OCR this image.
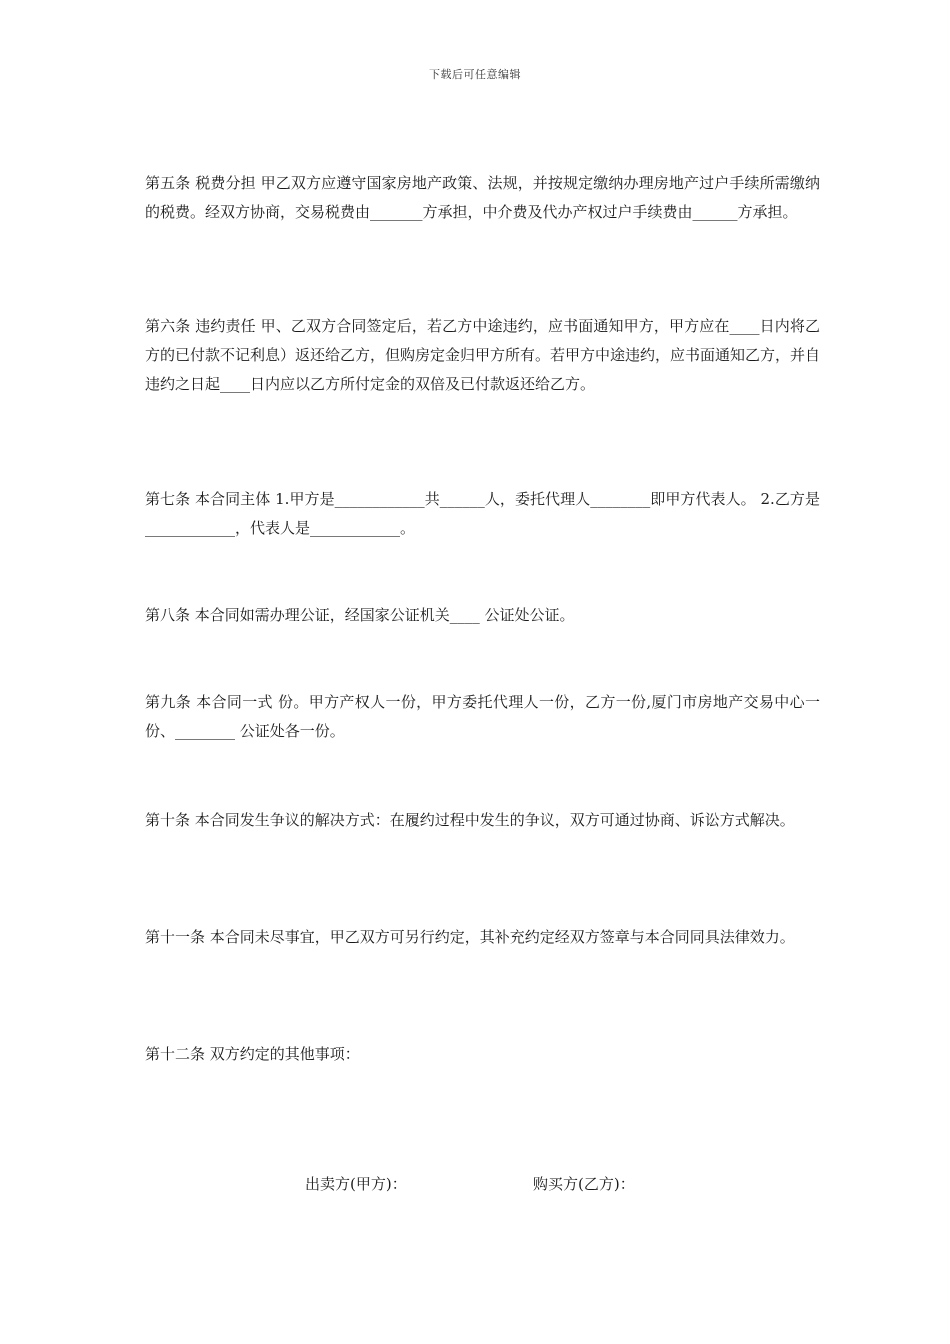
下载后可任意编辑

第五条 税费分担 甲乙双方应遵守国家房地产政策、法规，并按规定缴纳办理房地产过户手续所需缴纳的税费。经双方协商，交易税费由_______方承担，中介费及代办产权过户手续费由______方承担。

第六条 违约责任 甲、乙双方合同签定后，若乙方中途违约，应书面通知甲方，甲方应在____日内将乙方的已付款不记利息）返还给乙方，但购房定金归甲方所有。若甲方中途违约，应书面通知乙方，并自违约之日起____日内应以乙方所付定金的双倍及已付款返还给乙方。

第七条 本合同主体 1.甲方是____________共______人，委托代理人________即甲方代表人。 2.乙方是____________，代表人是____________。

第八条 本合同如需办理公证，经国家公证机关____ 公证处公证。

第九条 本合同一式 份。甲方产权人一份，甲方委托代理人一份，乙方一份,厦门市房地产交易中心一份、________ 公证处各一份。

第十条 本合同发生争议的解决方式：在履约过程中发生的争议，双方可通过协商、诉讼方式解决。

第十一条 本合同未尽事宜，甲乙双方可另行约定，其补充约定经双方签章与本合同同具法律效力。

第十二条 双方约定的其他事项：

出卖方(甲方)：	购买方(乙方)：
